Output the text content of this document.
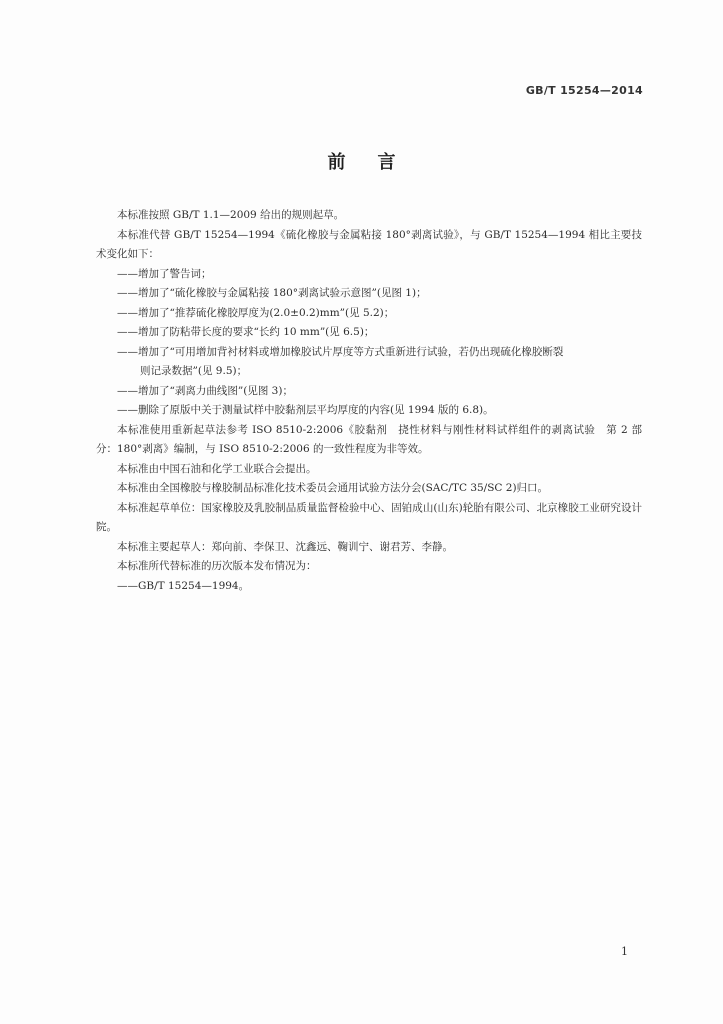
GB/T 15254—2014
前言

本标准按照 GB/T 1.1—2009 给出的规则起草。

本标准代替 GB/T 15254—1994《硫化橡胶与金属粘接 180°剥离试验》，与 GB/T 15254—1994 相比主要技术变化如下：

——增加了警告词；

——增加了“硫化橡胶与金属粘接 180°剥离试验示意图”(见图 1)；

——增加了“推荐硫化橡胶厚度为(2.0±0.2)mm”(见 5.2)；

——增加了防粘带长度的要求“长约 10 mm”(见 6.5)；

——增加了“可用增加背衬材料或增加橡胶试片厚度等方式重新进行试验，若仍出现硫化橡胶断裂
则记录数据”(见 9.5)；

——增加了“剥离力曲线图”(见图 3)；

——删除了原版中关于测量试样中胶黏剂层平均厚度的内容(见 1994 版的 6.8)。

本标准使用重新起草法参考 ISO 8510-2:2006《胶黏剂　挠性材料与刚性材料试样组件的剥离试验　第 2 部分：180°剥离》编制，与 ISO 8510-2:2006 的一致性程度为非等效。

本标准由中国石油和化学工业联合会提出。

本标准由全国橡胶与橡胶制品标准化技术委员会通用试验方法分会(SAC/TC 35/SC 2)归口。

本标准起草单位：国家橡胶及乳胶制品质量监督检验中心、固铂成山(山东)轮胎有限公司、北京橡胶工业研究设计院。

本标准主要起草人：郑向前、李保卫、沈鑫远、鞠训宁、谢君芳、李静。

本标准所代替标准的历次版本发布情况为：

——GB/T 15254—1994。

1
